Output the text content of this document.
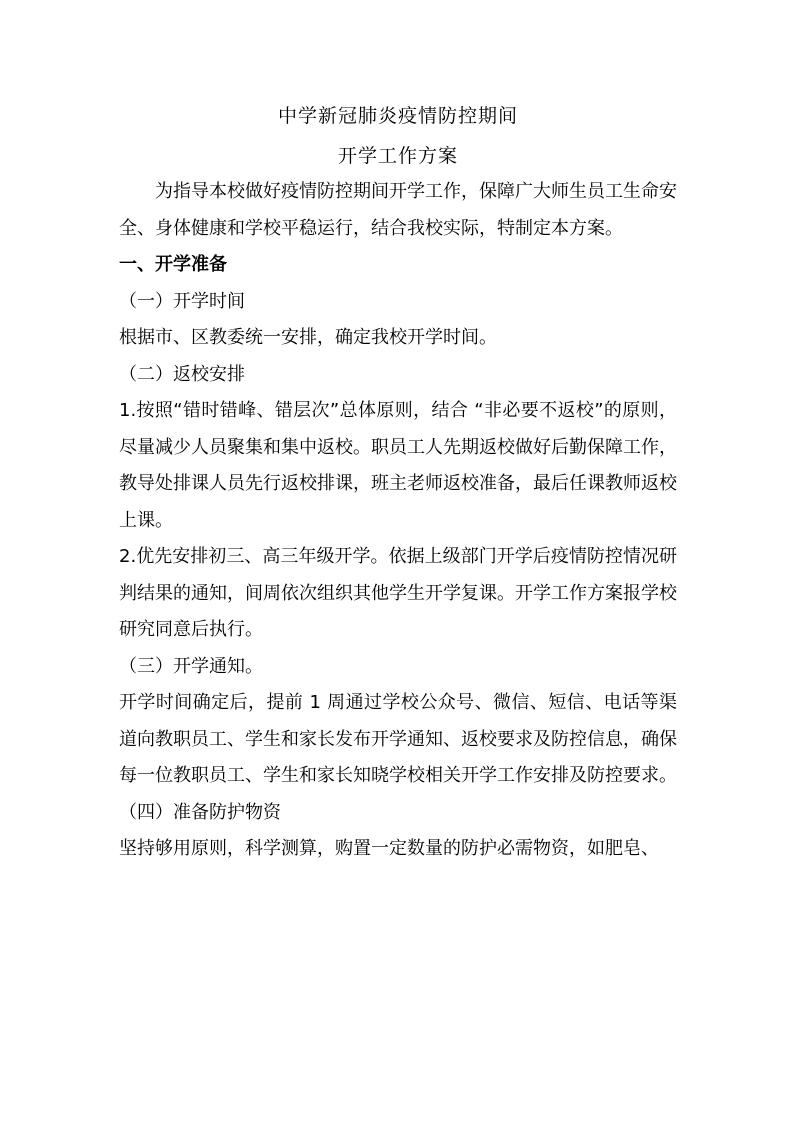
中学新冠肺炎疫情防控期间

开学工作方案

为指导本校做好疫情防控期间开学工作，保障广大师生员工生命安全、身体健康和学校平稳运行，结合我校实际，特制定本方案。

一、开学准备

（一）开学时间

根据市、区教委统一安排，确定我校开学时间。

（二）返校安排

1.按照“错时错峰、错层次”总体原则，结合 “非必要不返校”的原则，尽量减少人员聚集和集中返校。职员工人先期返校做好后勤保障工作，教导处排课人员先行返校排课，班主老师返校准备，最后任课教师返校上课。

2.优先安排初三、高三年级开学。依据上级部门开学后疫情防控情况研判结果的通知，间周依次组织其他学生开学复课。开学工作方案报学校研究同意后执行。

（三）开学通知。

开学时间确定后，提前 1 周通过学校公众号、微信、短信、电话等渠道向教职员工、学生和家长发布开学通知、返校要求及防控信息，确保每一位教职员工、学生和家长知晓学校相关开学工作安排及防控要求。

（四）准备防护物资

坚持够用原则，科学测算，购置一定数量的防护必需物资，如肥皂、
